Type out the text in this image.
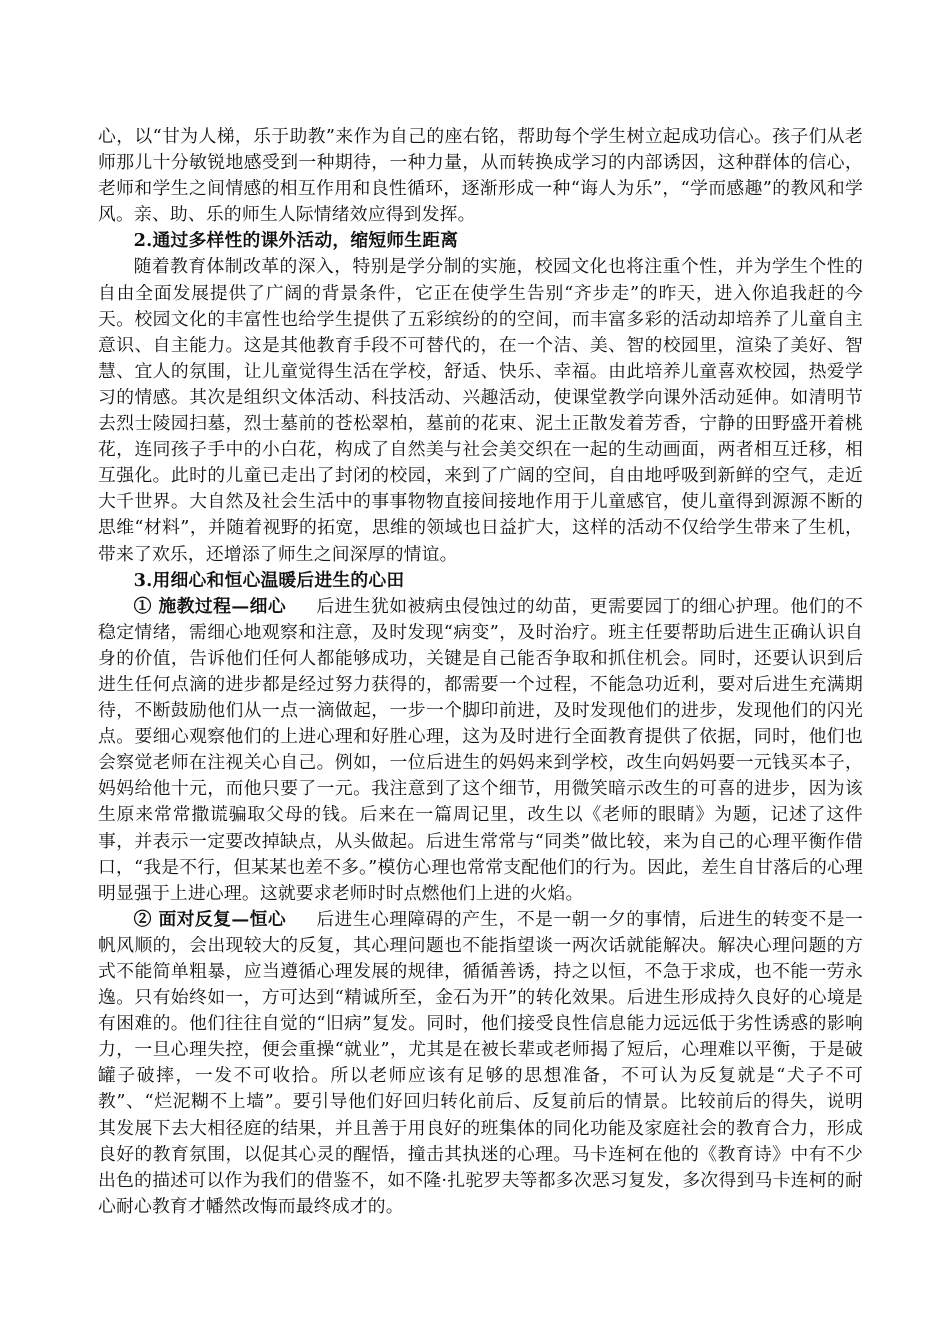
心，以“甘为人梯，乐于助教”来作为自己的座右铭，帮助每个学生树立起成功信心。孩子们从老师那儿十分敏锐地感受到一种期待，一种力量，从而转换成学习的内部诱因，这种群体的信心，老师和学生之间情感的相互作用和良性循环，逐渐形成一种“诲人为乐”，“学而感趣”的教风和学风。亲、助、乐的师生人际情绪效应得到发挥。

2.通过多样性的课外活动，缩短师生距离

随着教育体制改革的深入，特别是学分制的实施，校园文化也将注重个性，并为学生个性的自由全面发展提供了广阔的背景条件，它正在使学生告别“齐步走”的昨天，进入你追我赶的今天。校园文化的丰富性也给学生提供了五彩缤纷的的空间，而丰富多彩的活动却培养了儿童自主意识、自主能力。这是其他教育手段不可替代的，在一个洁、美、智的校园里，渲染了美好、智慧、宜人的氛围，让儿童觉得生活在学校，舒适、快乐、幸福。由此培养儿童喜欢校园，热爱学习的情感。其次是组织文体活动、科技活动、兴趣活动，使课堂教学向课外活动延伸。如清明节去烈士陵园扫墓，烈士墓前的苍松翠柏，墓前的花束、泥土正散发着芳香，宁静的田野盛开着桃花，连同孩子手中的小白花，构成了自然美与社会美交织在一起的生动画面，两者相互迁移，相互强化。此时的儿童已走出了封闭的校园，来到了广阔的空间，自由地呼吸到新鲜的空气，走近大千世界。大自然及社会生活中的事事物物直接间接地作用于儿童感官，使儿童得到源源不断的思维“材料”，并随着视野的拓宽，思维的领域也日益扩大，这样的活动不仅给学生带来了生机，带来了欢乐，还增添了师生之间深厚的情谊。

3.用细心和恒心温暖后进生的心田

① 施教过程—细心 后进生犹如被病虫侵蚀过的幼苗，更需要园丁的细心护理。他们的不稳定情绪，需细心地观察和注意，及时发现“病变”，及时治疗。班主任要帮助后进生正确认识自身的价值，告诉他们任何人都能够成功，关键是自己能否争取和抓住机会。同时，还要认识到后进生任何点滴的进步都是经过努力获得的，都需要一个过程，不能急功近利，要对后进生充满期待，不断鼓励他们从一点一滴做起，一步一个脚印前进，及时发现他们的进步，发现他们的闪光点。要细心观察他们的上进心理和好胜心理，这为及时进行全面教育提供了依据，同时，他们也会察觉老师在注视关心自己。例如，一位后进生的妈妈来到学校，改生向妈妈要一元钱买本子，妈妈给他十元，而他只要了一元。我注意到了这个细节，用微笑暗示改生的可喜的进步，因为该生原来常常撒谎骗取父母的钱。后来在一篇周记里，改生以《老师的眼睛》为题，记述了这件事，并表示一定要改掉缺点，从头做起。后进生常常与“同类”做比较，来为自己的心理平衡作借口，“我是不行，但某某也差不多。”模仿心理也常常支配他们的行为。因此，差生自甘落后的心理明显强于上进心理。这就要求老师时时点燃他们上进的火焰。

② 面对反复—恒心 后进生心理障碍的产生，不是一朝一夕的事情，后进生的转变不是一帆风顺的，会出现较大的反复，其心理问题也不能指望谈一两次话就能解决。解决心理问题的方式不能简单粗暴，应当遵循心理发展的规律，循循善诱，持之以恒，不急于求成，也不能一劳永逸。只有始终如一，方可达到“精诚所至，金石为开”的转化效果。后进生形成持久良好的心境是有困难的。他们往往自觉的“旧病”复发。同时，他们接受良性信息能力远远低于劣性诱惑的影响力，一旦心理失控，便会重操“就业”，尤其是在被长辈或老师揭了短后，心理难以平衡，于是破罐子破摔，一发不可收拾。所以老师应该有足够的思想准备，不可认为反复就是“犬子不可教”、“烂泥糊不上墙”。要引导他们好回归转化前后、反复前后的情景。比较前后的得失，说明其发展下去大相径庭的结果，并且善于用良好的班集体的同化功能及家庭社会的教育合力，形成良好的教育氛围，以促其心灵的醒悟，撞击其执迷的心理。马卡连柯在他的《教育诗》中有不少出色的描述可以作为我们的借鉴不，如不隆·扎驼罗夫等都多次恶习复发，多次得到马卡连柯的耐心耐心教育才幡然改悔而最终成才的。
